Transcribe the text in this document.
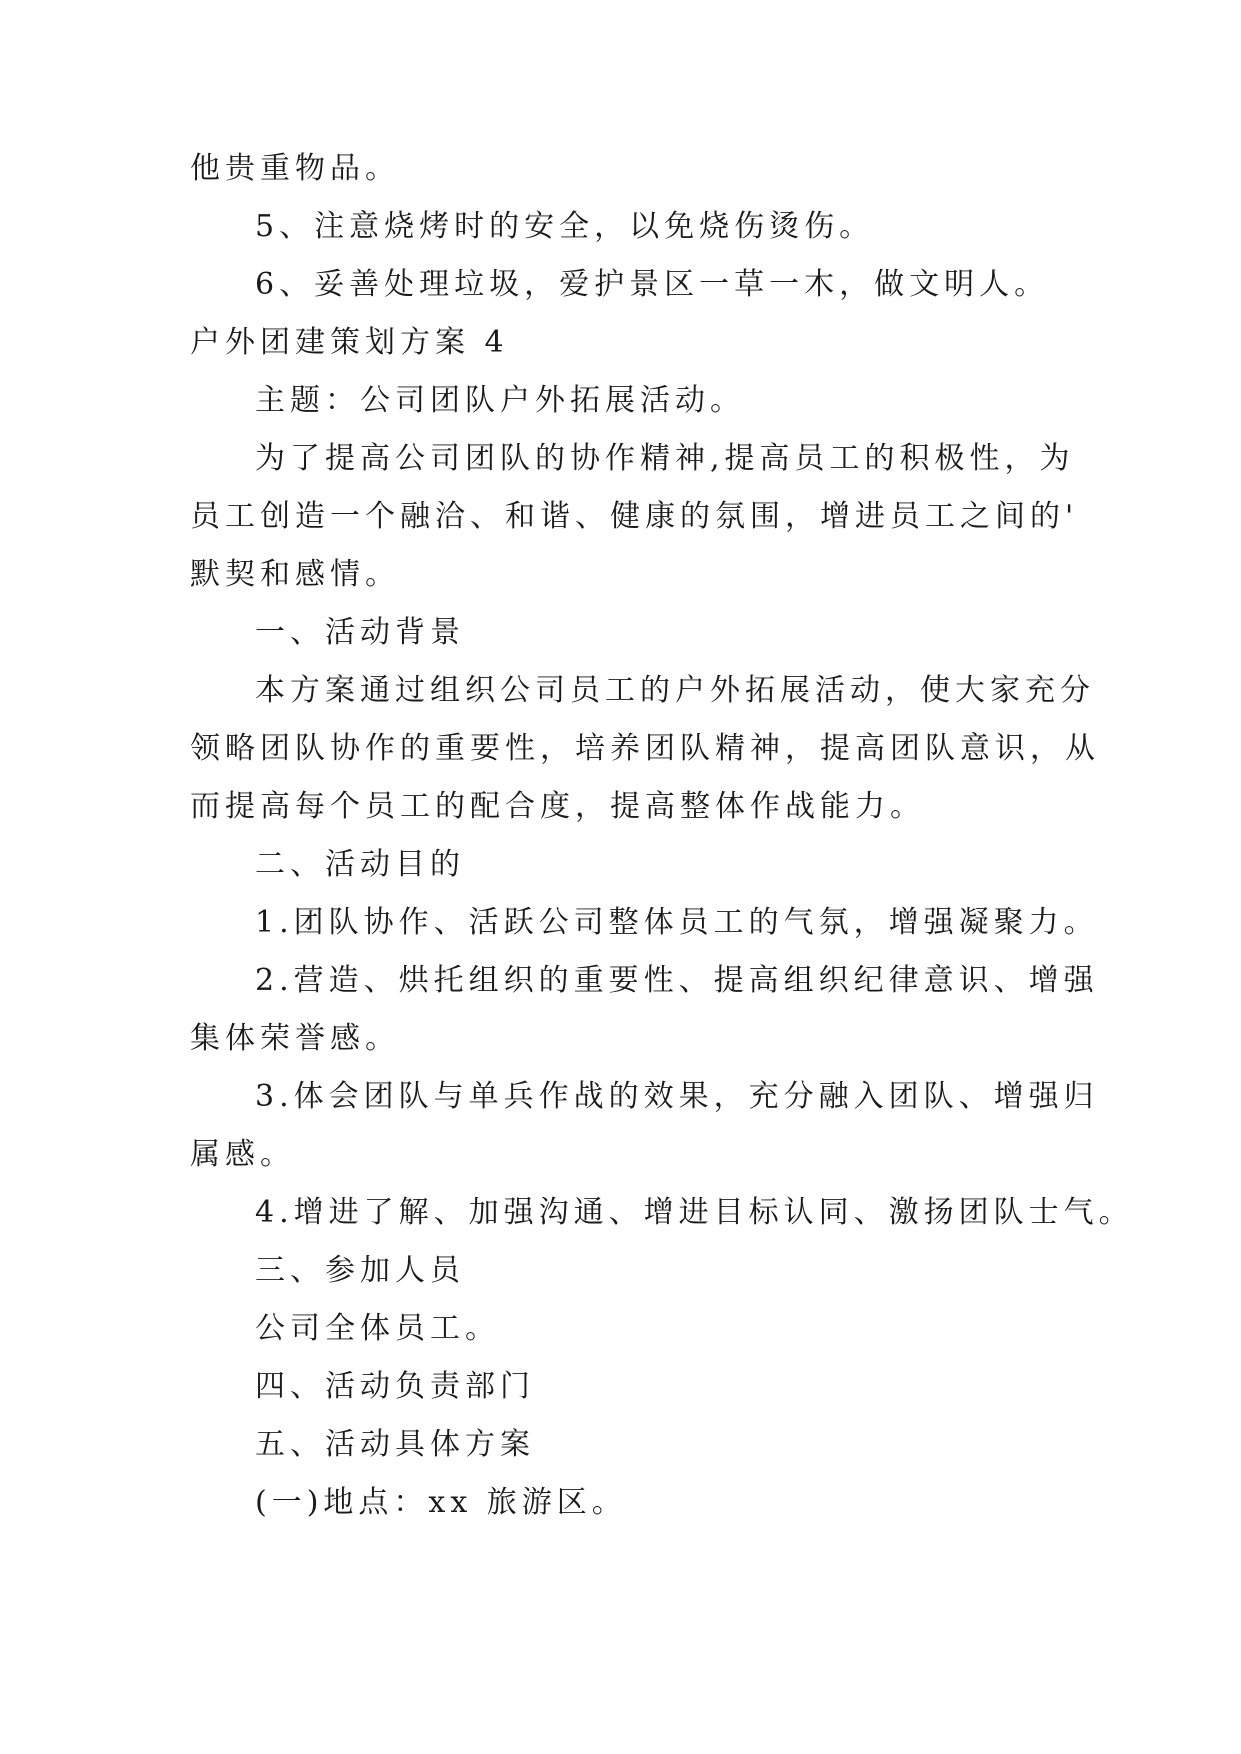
他贵重物品。
5、注意烧烤时的安全，以免烧伤烫伤。
6、妥善处理垃圾，爱护景区一草一木，做文明人。
户外团建策划方案 4
主题：公司团队户外拓展活动。
为了提高公司团队的协作精神,提高员工的积极性，为
员工创造一个融洽、和谐、健康的氛围，增进员工之间的'
默契和感情。
一、活动背景
本方案通过组织公司员工的户外拓展活动，使大家充分
领略团队协作的重要性，培养团队精神，提高团队意识，从
而提高每个员工的配合度，提高整体作战能力。
二、活动目的
1.团队协作、活跃公司整体员工的气氛，增强凝聚力。
2.营造、烘托组织的重要性、提高组织纪律意识、增强
集体荣誉感。
3.体会团队与单兵作战的效果，充分融入团队、增强归
属感。
4.增进了解、加强沟通、增进目标认同、激扬团队士气。
三、参加人员
公司全体员工。
四、活动负责部门
五、活动具体方案
(一)地点：xx 旅游区。
